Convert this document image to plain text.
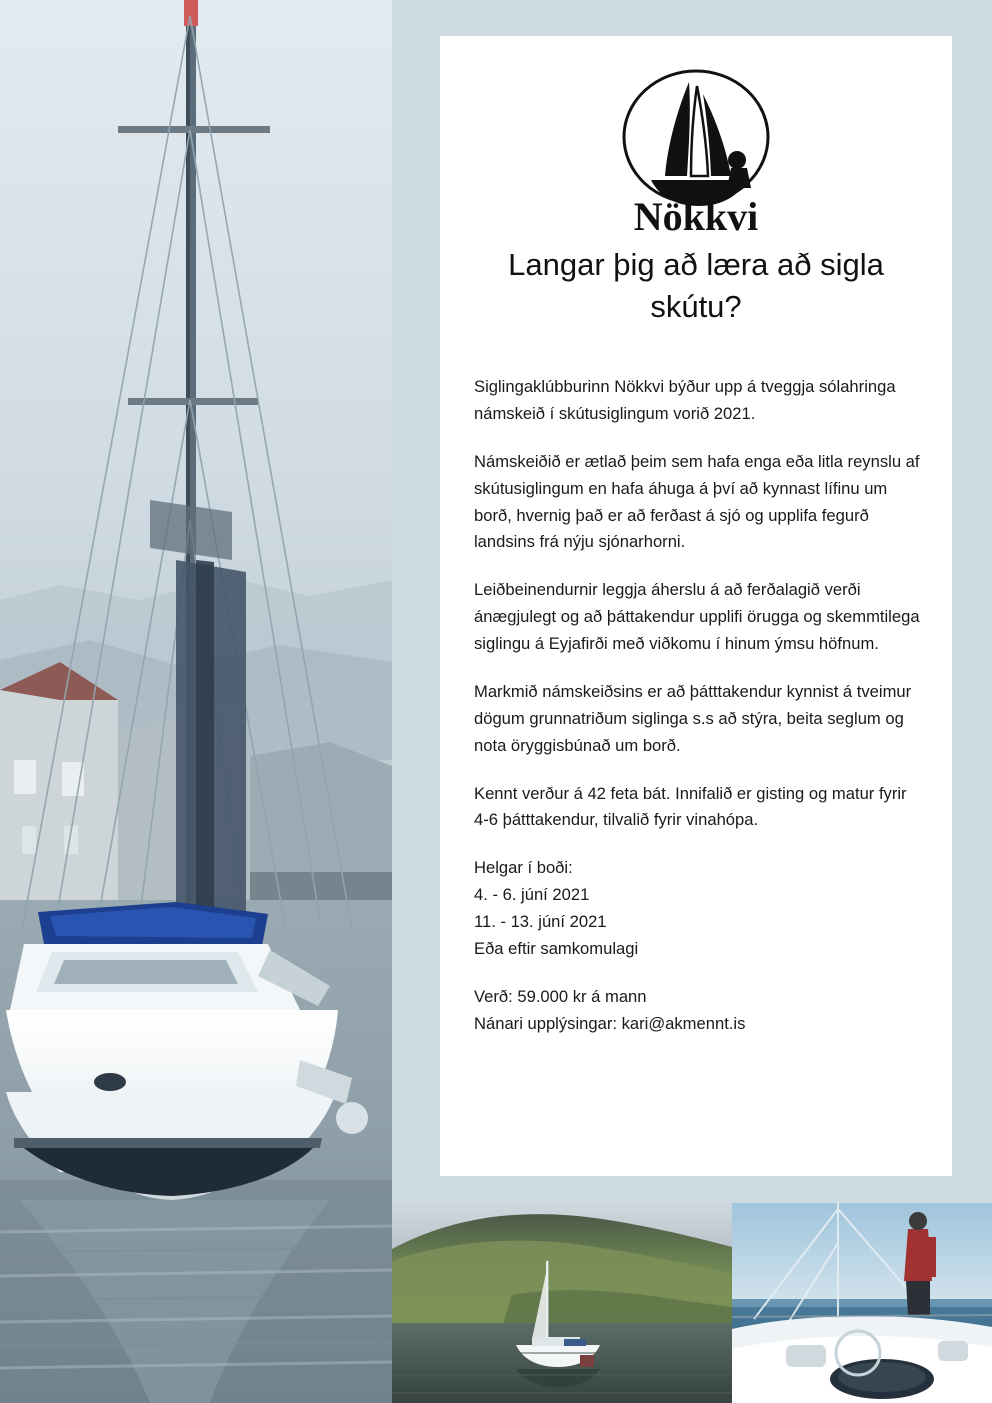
Nökkvi
Langar þig að læra að sigla skútu?

Siglingaklúbburinn Nökkvi býður upp á tveggja sólahringa námskeið í skútusiglingum vorið 2021.

Námskeiðið er ætlað þeim sem hafa enga eða litla reynslu af skútusiglingum en hafa áhuga á því að kynnast lífinu um borð, hvernig það er að ferðast á sjó og upplifa fegurð landsins frá nýju sjónarhorni.

Leiðbeinendurnir leggja áherslu á að ferðalagið verði ánægjulegt og að þáttakendur upplifi örugga og skemmtilega siglingu á Eyjafirði með viðkomu í hinum ýmsu höfnum.

Markmið námskeiðsins er að þátttakendur kynnist á tveimur dögum grunnatriðum siglinga s.s að stýra, beita seglum og nota öryggisbúnað um borð.

Kennt verður á 42 feta bát. Innifalið er gisting og matur fyrir 4-6 þátttakendur, tilvalið fyrir vinahópa.

Helgar í boði:
4. - 6. júní 2021
11. - 13. júní 2021
Eða eftir samkomulagi

Verð: 59.000 kr á mann
Nánari upplýsingar: kari@akmennt.is
